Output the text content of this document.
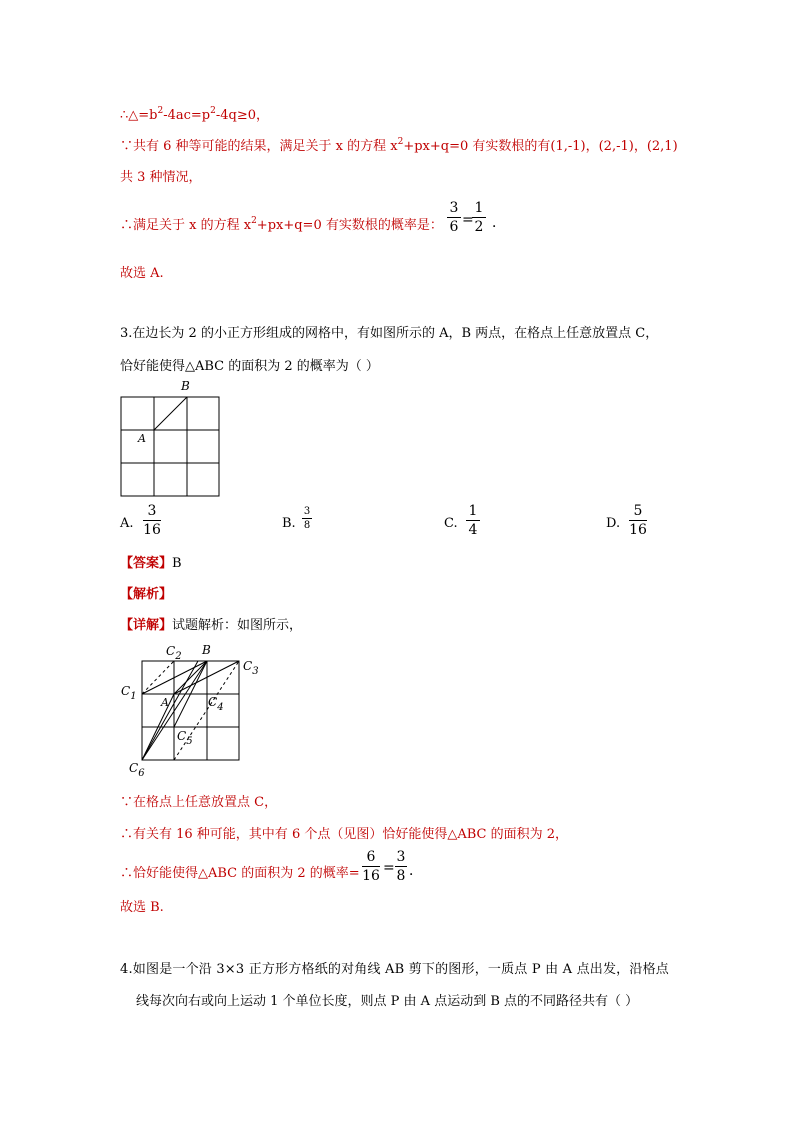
$\therefore\triangle=b^2-4ac=p^2-4q\ge 0$，
∵共有 6 种等可能的结果，满足关于 x 的方程 $x^2+px+q=0$ 有实数根的有(1,-1)，(2,-1)，(2,1)
共 3 种情况，
∴满足关于 x 的方程 $x^2+px+q=0$ 有实数根的概率是：
3
6 =
1
2 ．
故选 A.
3.在边长为 2 的小正方形组成的网格中，有如图所示的 A，B 两点，在格点上任意放置点 C，
恰好能使得△ABC 的面积为 2 的概率为（ ）
B
A
A.
3
16	B.
3
8	C.
1
4	D.
5
16
【答案】B
【解析】
【详解】试题解析：如图所示，
B
A
$C_2$
$C_3$
$C_1$	$C_4$
$C_5$
$C_6$
∵在格点上任意放置点 C，
∴有关有 16 种可能，其中有 6 个点（见图）恰好能使得△ABC 的面积为 2，
∴恰好能使得△ABC 的面积为 2 的概率=
6
16 =
3
8 ．
故选 B.
4.如图是一个沿 3×3 正方形方格纸的对角线 AB 剪下的图形，一质点 P 由 A 点出发，沿格点
线每次向右或向上运动 1 个单位长度，则点 P 由 A 点运动到 B 点的不同路径共有（ ）
